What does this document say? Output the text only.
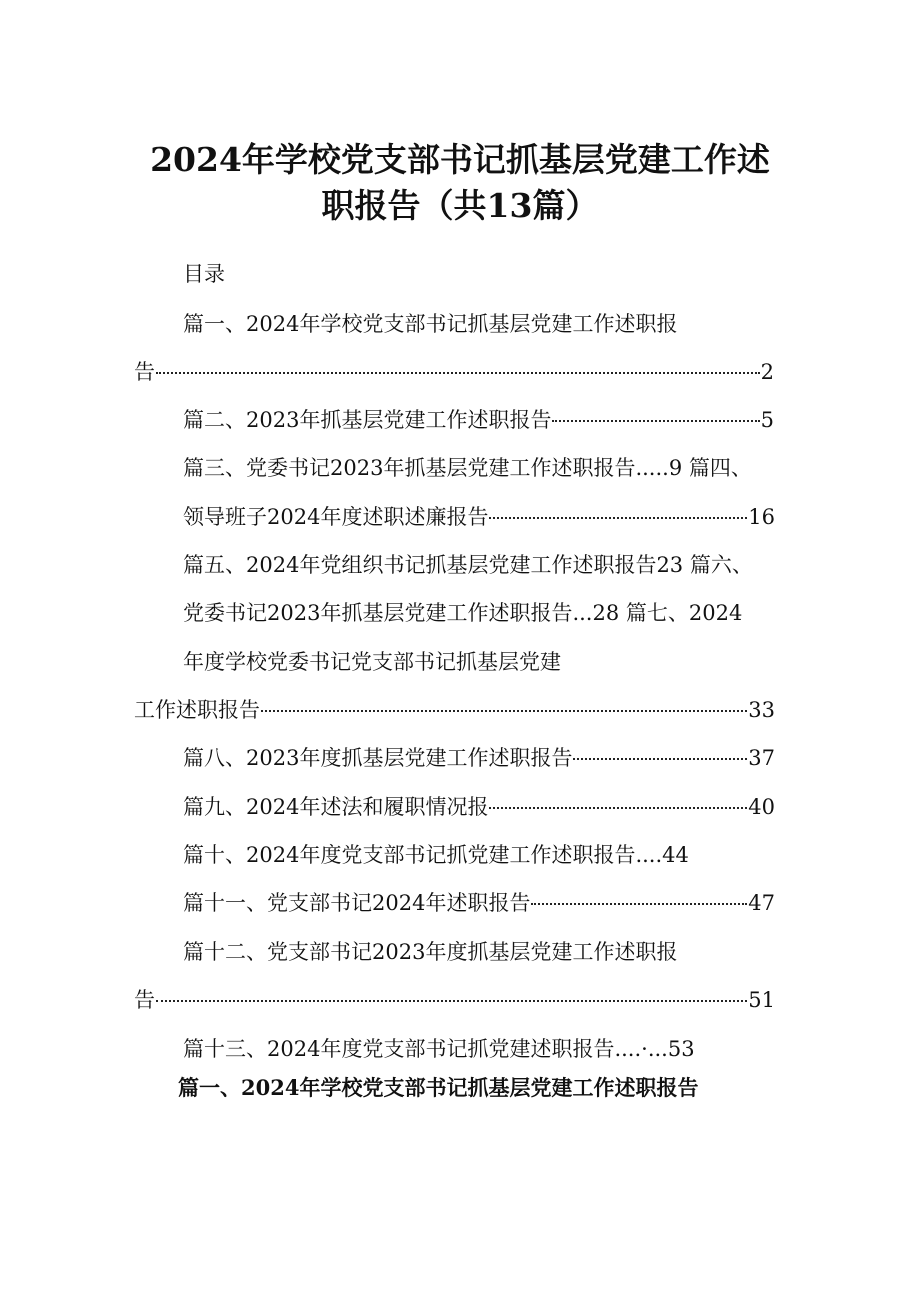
2024年学校党支部书记抓基层党建工作述
职报告（共13篇）
目录
篇一、2024年学校党支部书记抓基层党建工作述职报
告	2
篇二、2023年抓基层党建工作述职报告	5
篇三、党委书记2023年抓基层党建工作述职报告.....9 篇四、
领导班子2024年度述职述廉报告	16
篇五、2024年党组织书记抓基层党建工作述职报告23 篇六、
党委书记2023年抓基层党建工作述职报告...28 篇七、2024
年度学校党委书记党支部书记抓基层党建
工作述职报告	33
篇八、2023年度抓基层党建工作述职报告	37
篇九、2024年述法和履职情况报	40
篇十、2024年度党支部书记抓党建工作述职报告....44
篇十一、党支部书记2024年述职报告	47
篇十二、党支部书记2023年度抓基层党建工作述职报
告	51
篇十三、2024年度党支部书记抓党建述职报告....·...53
篇一、2024年学校党支部书记抓基层党建工作述职报告
